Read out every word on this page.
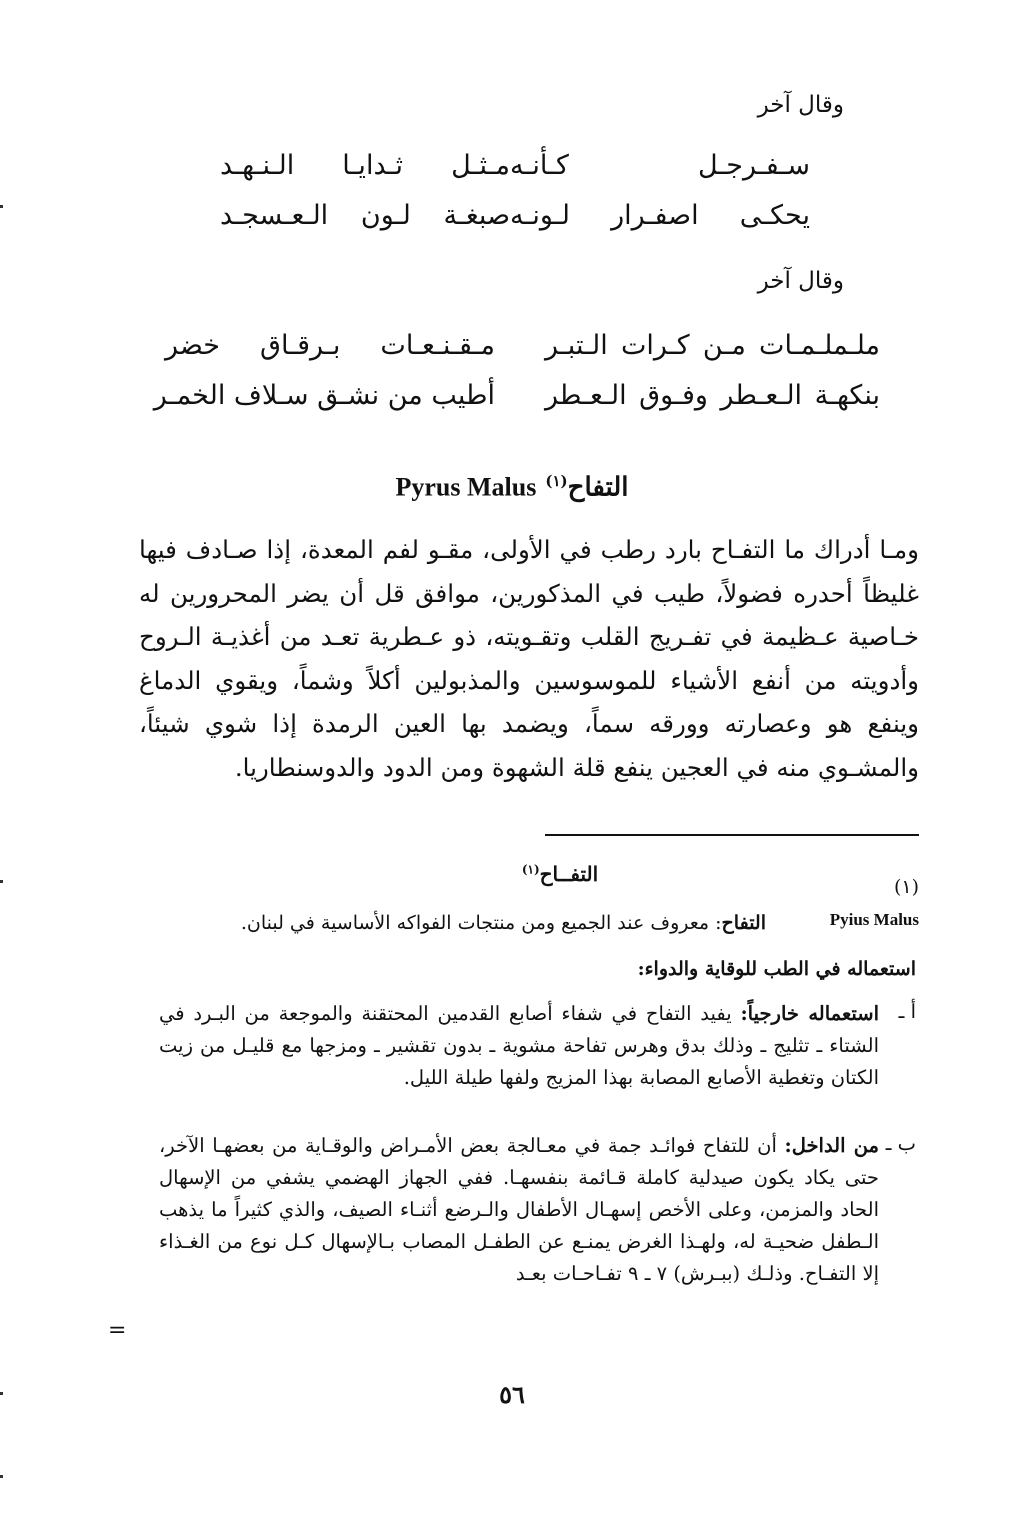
وقال آخر
سـفـرجـل كـأنـه
مـثـل ثـدايـا الـنـهـد
يحكـى اصفـرار لـونـه
صبغـة لـون الـعـسجـد
وقال آخر
ملـملـمـات مـن كـرات الـتبـر
مـقـنـعـات بـرقـاق خضر
بنكهـة الـعـطر وفـوق الـعـطر
أطيب من نشـق سـلاف الخمـر
التفاح$^{(١)}$ Pyrus Malus
ومـا أدراك ما التفـاح بارد رطب في الأولى، مقـو لفم المعدة، إذا صـادف فيها غليظاً أحدره فضولاً، طيب في المذكورين، موافق قل أن يضر المحرورين له خـاصية عـظيمة في تفـريج القلب وتقـويته، ذو عـطرية تعـد من أغذيـة الـروح وأدويته من أنفع الأشياء للموسوسين والمذبولين أكلاً وشماً، ويقوي الدماغ وينفع هو وعصارته وورقه سماً، ويضمد بها العين الرمدة إذا شوي شيئاً، والمشـوي منه في العجين ينفع قلة الشهوة ومن الدود والدوسنطاريا.
التفــاح$^{(١)}$
(١)
Pyius Malus
التفاح: معروف عند الجميع ومن منتجات الفواكه الأساسية في لبنان.
استعماله في الطب للوقاية والدواء:
أ ـ
استعماله خارجياً: يفيد التفاح في شفاء أصابع القدمين المحتقنة والموجعة من البـرد في الشتاء ـ تثليج ـ وذلك بدق وهرس تفاحة مشوية ـ بدون تقشير ـ ومزجها مع قليـل من زيت الكتان وتغطية الأصابع المصابة بهذا المزيج ولفها طيلة الليل.
ب ـ
من الداخل: أن للتفاح فوائـد جمة في معـالجة بعض الأمـراض والوقـاية من بعضهـا الآخر، حتى يكاد يكون صيدلية كاملة قـائمة بنفسهـا. ففي الجهاز الهضمي يشفي من الإسهال الحاد والمزمن، وعلى الأخص إسهـال الأطفال والـرضع أثنـاء الصيف، والذي كثيراً ما يذهب الـطفل ضحيـة له، ولهـذا الغرض يمنـع عن الطفـل المصاب بـالإسهال كـل نوع من الغـذاء إلا التفـاح. وذلـك (ببـرش) ٧ ـ ٩ تفـاحـات بعـد
=
٥٦
